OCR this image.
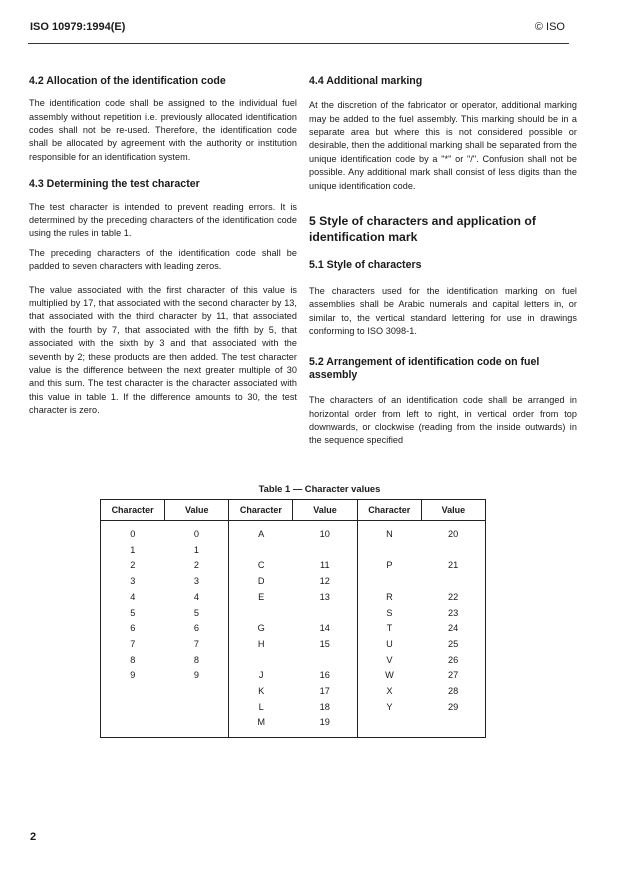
ISO 10979:1994(E)	© ISO
4.2 Allocation of the identification code

The identification code shall be assigned to the individual fuel assembly without repetition i.e. previously allocated identification codes shall not be re-used. Therefore, the identification code shall be allocated by agreement with the authority or institution responsible for an identification system.

4.3 Determining the test character

The test character is intended to prevent reading errors. It is determined by the preceding characters of the identification code using the rules in table 1.

The preceding characters of the identification code shall be padded to seven characters with leading zeros.

The value associated with the first character of this value is multiplied by 17, that associated with the second character by 13, that associated with the third character by 11, that associated with the fourth by 7, that associated with the fifth by 5, that associated with the sixth by 3 and that associated with the seventh by 2; these products are then added. The test character value is the difference between the next greater multiple of 30 and this sum. The test character is the character associated with this value in table 1. If the difference amounts to 30, the test character is zero.

4.4 Additional marking

At the discretion of the fabricator or operator, additional marking may be added to the fuel assembly. This marking should be in a separate area but where this is not considered possible or desirable, then the additional marking shall be separated from the unique identification code by a "*" or "/". Confusion shall not be possible. Any additional mark shall consist of less digits than the unique identification code.

5 Style of characters and application of identification mark
5.1 Style of characters

The characters used for the identification marking on fuel assemblies shall be Arabic numerals and capital letters in, or similar to, the vertical standard lettering for use in drawings conforming to ISO 3098-1.

5.2 Arrangement of identification code on fuel assembly

The characters of an identification code shall be arranged in horizontal order from left to right, in vertical order from top downwards, or clockwise (reading from the inside outwards) in the sequence specified

Table 1 — Character values
Character	Value	Character	Value	Character	Value
0	0	A	10	N	20
1	1				
2	2	C	11	P	21
3	3	D	12		
4	4	E	13	R	22
5	5			S	23
6	6	G	14	T	24
7	7	H	15	U	25
8	8			V	26
9	9	J	16	W	27
		K	17	X	28
		L	18	Y	29
		M	19		
2
